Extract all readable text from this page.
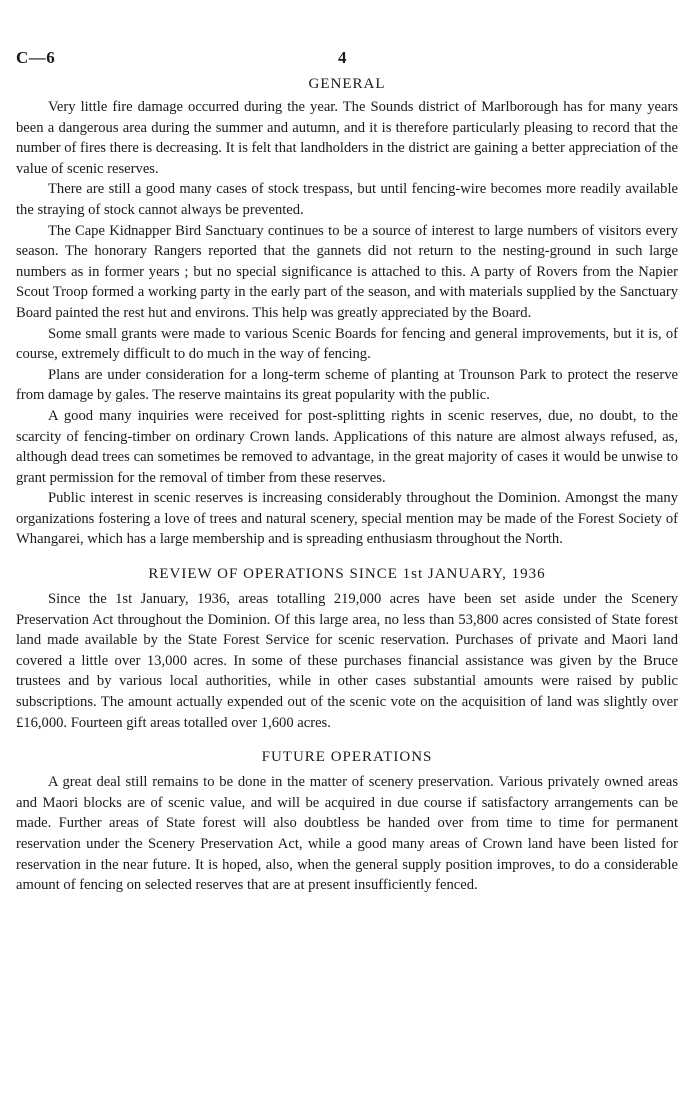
C—6	4
GENERAL

Very little fire damage occurred during the year. The Sounds district of Marlborough has for many years been a dangerous area during the summer and autumn, and it is therefore particularly pleasing to record that the number of fires there is decreasing. It is felt that landholders in the district are gaining a better appreciation of the value of scenic reserves.

There are still a good many cases of stock trespass, but until fencing-wire becomes more readily available the straying of stock cannot always be prevented.

The Cape Kidnapper Bird Sanctuary continues to be a source of interest to large numbers of visitors every season. The honorary Rangers reported that the gannets did not return to the nesting-ground in such large numbers as in former years ; but no special significance is attached to this. A party of Rovers from the Napier Scout Troop formed a working party in the early part of the season, and with materials supplied by the Sanctuary Board painted the rest hut and environs. This help was greatly appreciated by the Board.

Some small grants were made to various Scenic Boards for fencing and general improvements, but it is, of course, extremely difficult to do much in the way of fencing.

Plans are under consideration for a long-term scheme of planting at Trounson Park to protect the reserve from damage by gales. The reserve maintains its great popularity with the public.

A good many inquiries were received for post-splitting rights in scenic reserves, due, no doubt, to the scarcity of fencing-timber on ordinary Crown lands. Applications of this nature are almost always refused, as, although dead trees can sometimes be removed to advantage, in the great majority of cases it would be unwise to grant permission for the removal of timber from these reserves.

Public interest in scenic reserves is increasing considerably throughout the Dominion. Amongst the many organizations fostering a love of trees and natural scenery, special mention may be made of the Forest Society of Whangarei, which has a large membership and is spreading enthusiasm throughout the North.

REVIEW OF OPERATIONS SINCE 1st JANUARY, 1936

Since the 1st January, 1936, areas totalling 219,000 acres have been set aside under the Scenery Preservation Act throughout the Dominion. Of this large area, no less than 53,800 acres consisted of State forest land made available by the State Forest Service for scenic reservation. Purchases of private and Maori land covered a little over 13,000 acres. In some of these purchases financial assistance was given by the Bruce trustees and by various local authorities, while in other cases substantial amounts were raised by public subscriptions. The amount actually expended out of the scenic vote on the acquisition of land was slightly over £16,000. Fourteen gift areas totalled over 1,600 acres.

FUTURE OPERATIONS

A great deal still remains to be done in the matter of scenery preservation. Various privately owned areas and Maori blocks are of scenic value, and will be acquired in due course if satisfactory arrangements can be made. Further areas of State forest will also doubtless be handed over from time to time for permanent reservation under the Scenery Preservation Act, while a good many areas of Crown land have been listed for reservation in the near future. It is hoped, also, when the general supply position improves, to do a considerable amount of fencing on selected reserves that are at present insufficiently fenced.
